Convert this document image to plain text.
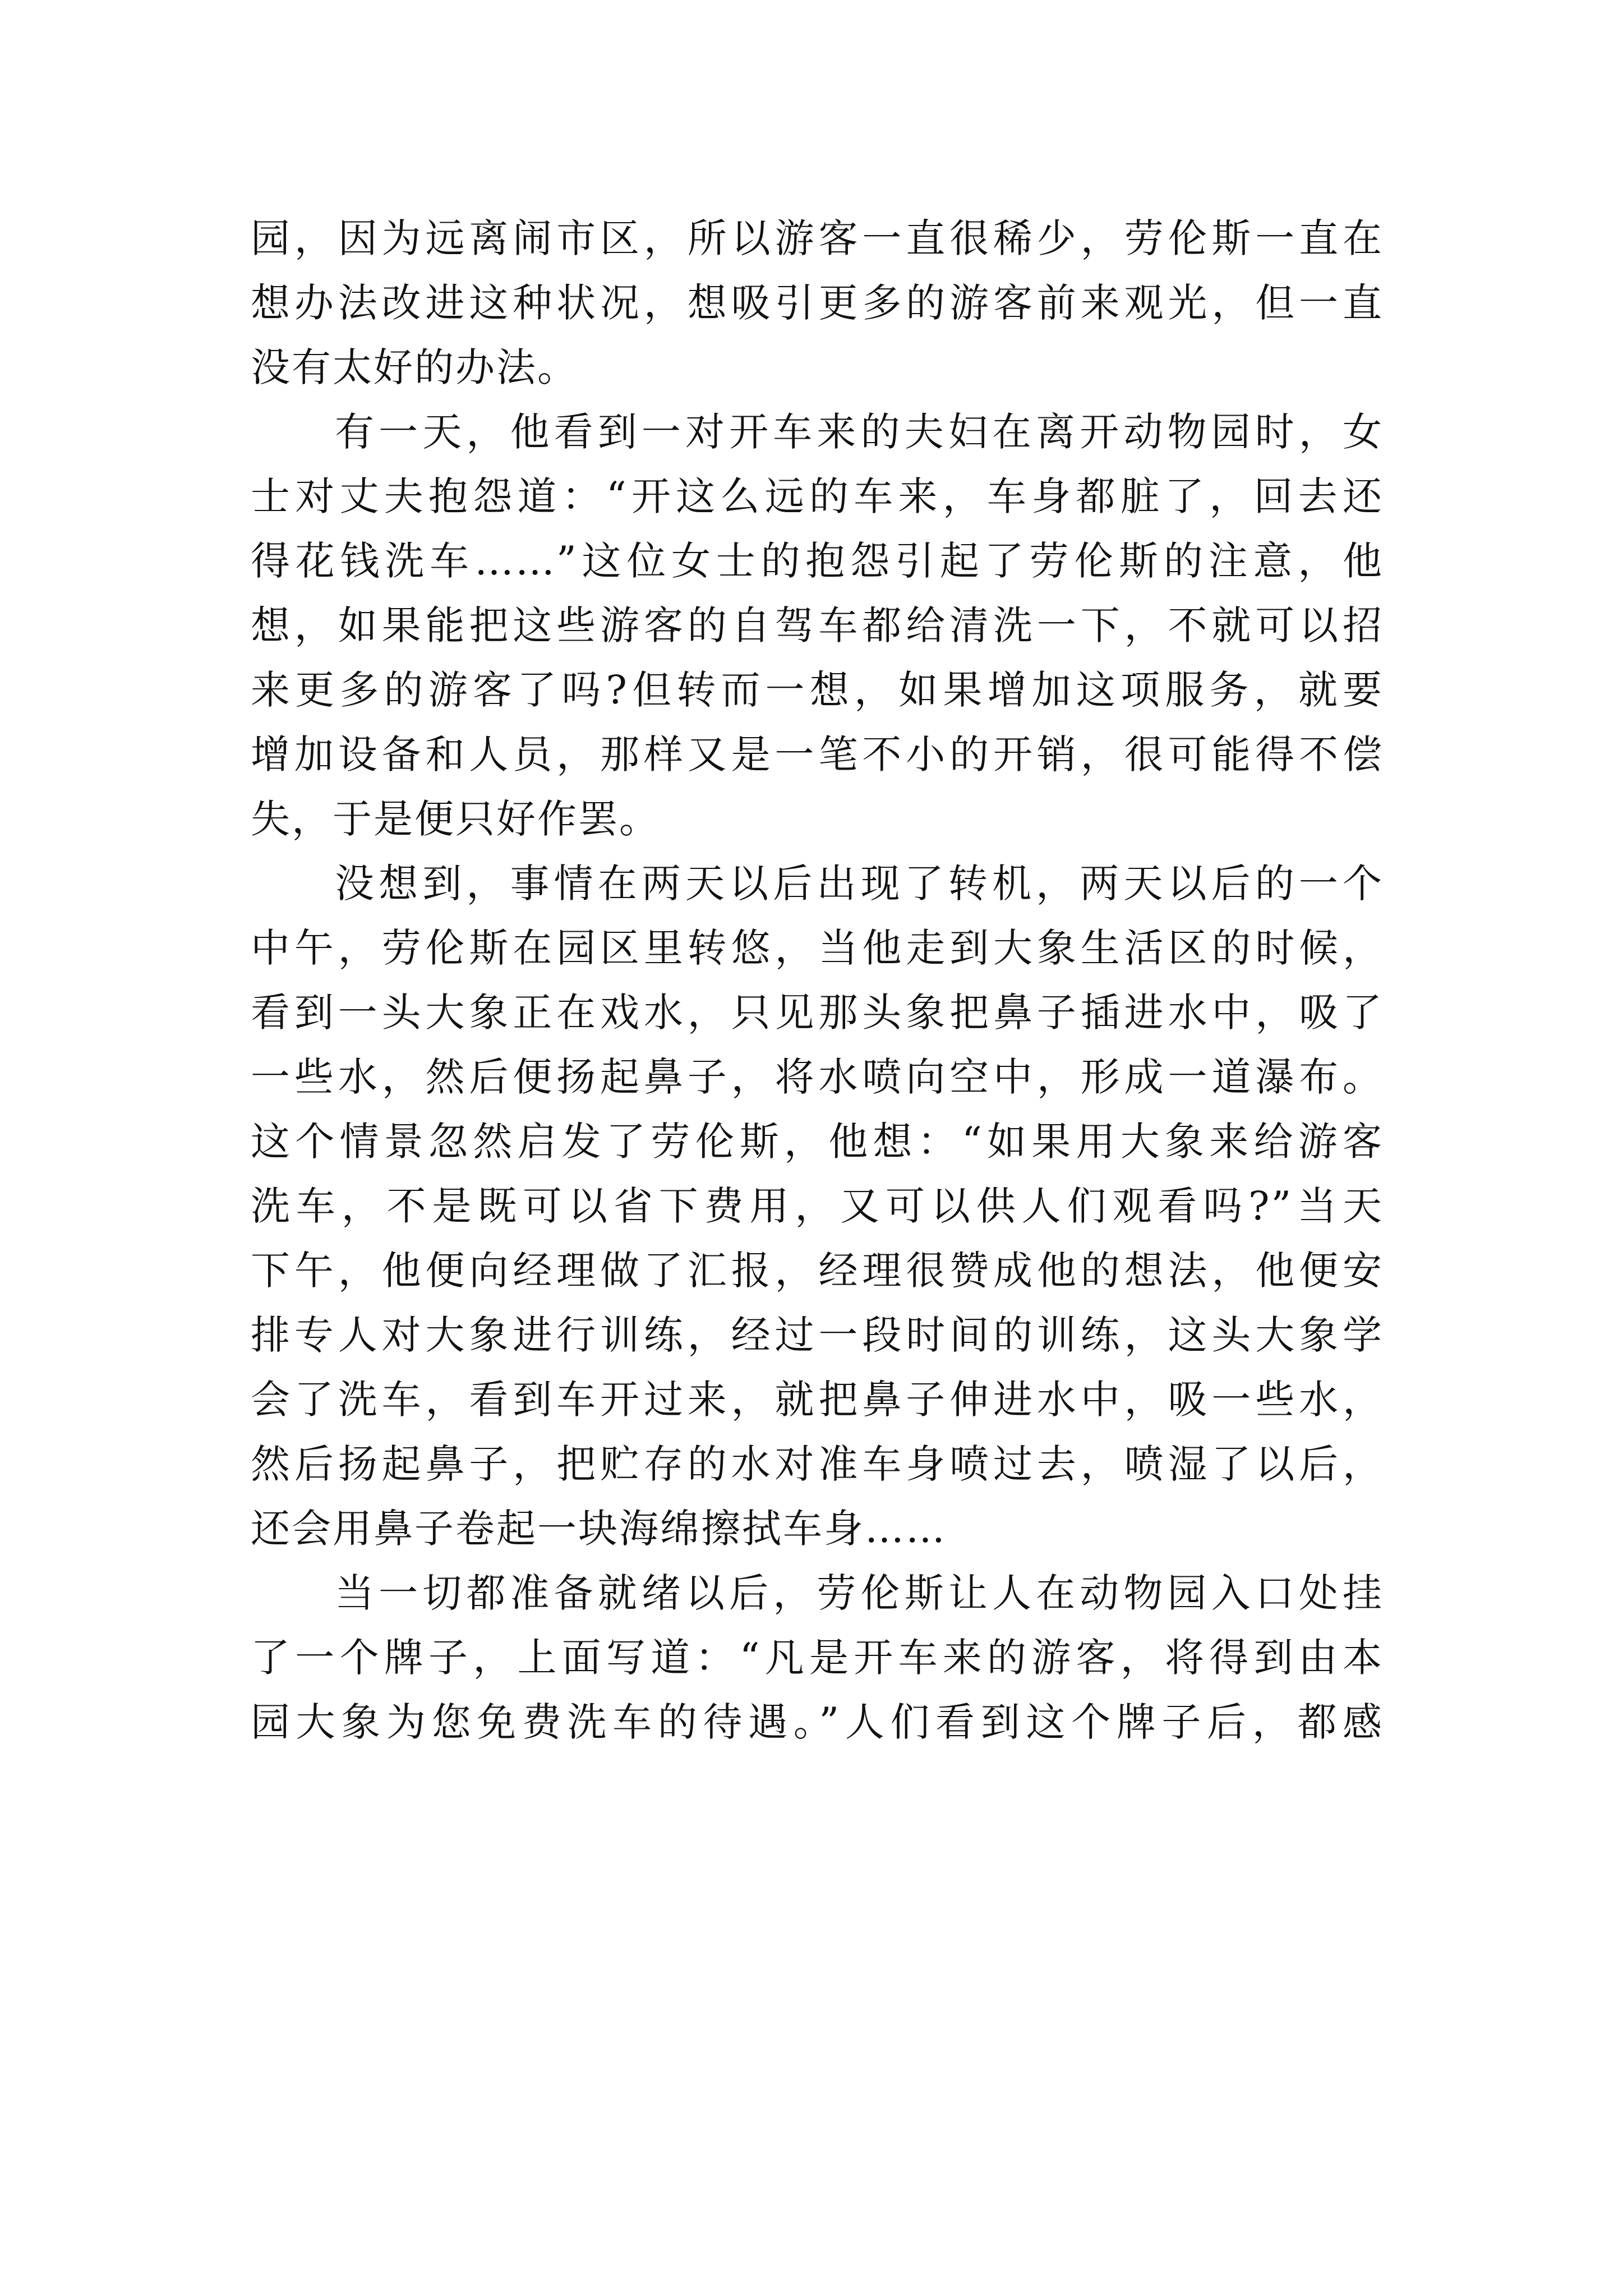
园，因为远离闹市区，所以游客一直很稀少，劳伦斯一直在
想办法改进这种状况，想吸引更多的游客前来观光，但一直
没有太好的办法。
有一天，他看到一对开车来的夫妇在离开动物园时，女
士对丈夫抱怨道：“开这么远的车来，车身都脏了，回去还
得花钱洗车……”这位女士的抱怨引起了劳伦斯的注意，他
想，如果能把这些游客的自驾车都给清洗一下，不就可以招
来更多的游客了吗?但转而一想，如果增加这项服务，就要
增加设备和人员，那样又是一笔不小的开销，很可能得不偿
失，于是便只好作罢。
没想到，事情在两天以后出现了转机，两天以后的一个
中午，劳伦斯在园区里转悠，当他走到大象生活区的时候，
看到一头大象正在戏水，只见那头象把鼻子插进水中，吸了
一些水，然后便扬起鼻子，将水喷向空中，形成一道瀑布。
这个情景忽然启发了劳伦斯，他想：“如果用大象来给游客
洗车，不是既可以省下费用，又可以供人们观看吗?”当天
下午，他便向经理做了汇报，经理很赞成他的想法，他便安
排专人对大象进行训练，经过一段时间的训练，这头大象学
会了洗车，看到车开过来，就把鼻子伸进水中，吸一些水，
然后扬起鼻子，把贮存的水对准车身喷过去，喷湿了以后，
还会用鼻子卷起一块海绵擦拭车身……
当一切都准备就绪以后，劳伦斯让人在动物园入口处挂
了一个牌子，上面写道：“凡是开车来的游客，将得到由本
园大象为您免费洗车的待遇。”人们看到这个牌子后，都感
